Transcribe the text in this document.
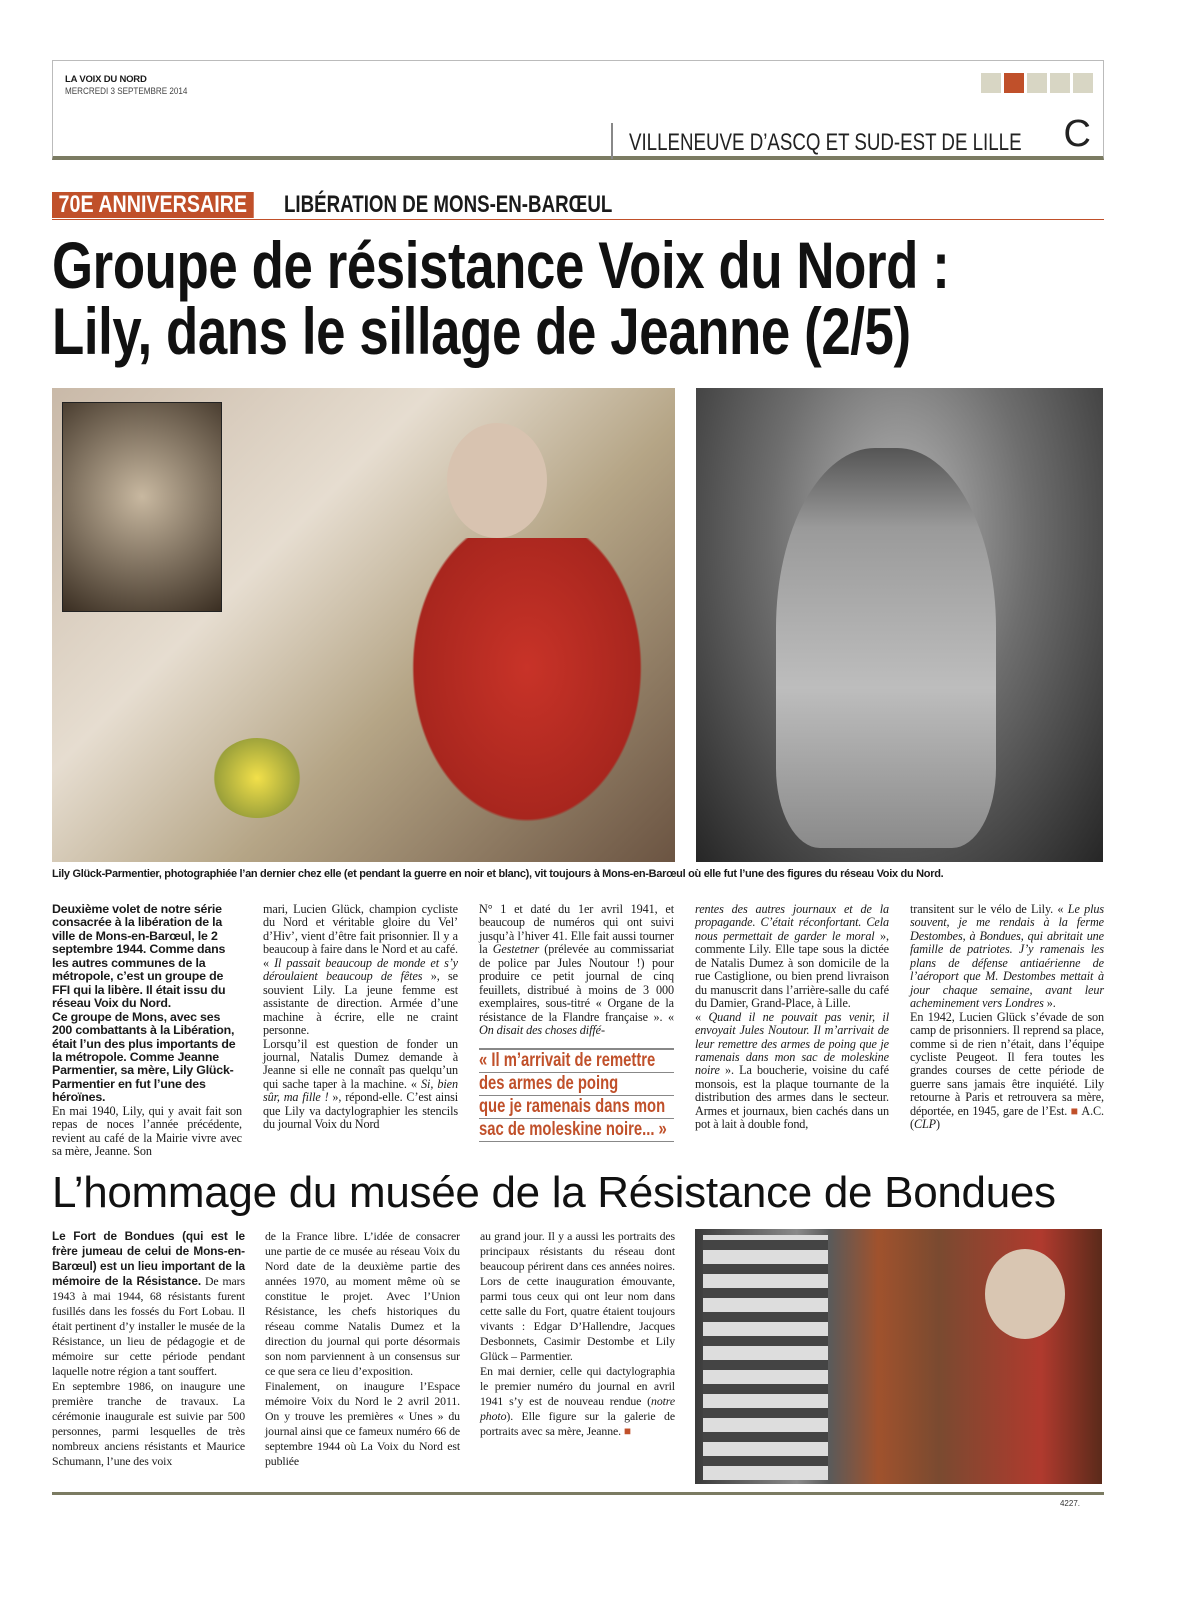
LA VOIX DU NORD
MERCREDI 3 SEPTEMBRE 2014
VILLENEUVE D’ASCQ ET SUD-EST DE LILLE C
70E ANNIVERSAIRE LIBÉRATION DE MONS-EN-BARŒUL
Groupe de résistance Voix du Nord :
Lily, dans le sillage de Jeanne (2/5)
Lily Glück-Parmentier, photographiée l’an dernier chez elle (et pendant la guerre en noir et blanc), vit toujours à Mons-en-Barœul où elle fut l’une des figures du réseau Voix du Nord.

Deuxième volet de notre série consacrée à la libération de la ville de Mons-en-Barœul, le 2 septembre 1944. Comme dans les autres communes de la métropole, c’est un groupe de FFI qui la libère. Il était issu du réseau Voix du Nord.

Ce groupe de Mons, avec ses 200 combattants à la Libération, était l’un des plus importants de la métropole. Comme Jeanne Parmentier, sa mère, Lily Glück-Parmentier en fut l’une des héroïnes.

En mai 1940, Lily, qui y avait fait son repas de noces l’année précédente, revient au café de la Mairie vivre avec sa mère, Jeanne. Son

mari, Lucien Glück, champion cycliste du Nord et véritable gloire du Vel’ d’Hiv’, vient d’être fait prisonnier. Il y a beaucoup à faire dans le Nord et au café. « Il passait beaucoup de monde et s’y déroulaient beaucoup de fêtes », se souvient Lily. La jeune femme est assistante de direction. Armée d’une machine à écrire, elle ne craint personne.

Lorsqu’il est question de fonder un journal, Natalis Dumez demande à Jeanne si elle ne connaît pas quelqu’un qui sache taper à la machine. « Si, bien sûr, ma fille ! », répond-elle. C’est ainsi que Lily va dactylographier les stencils du journal Voix du Nord

N° 1 et daté du 1er avril 1941, et beaucoup de numéros qui ont suivi jusqu’à l’hiver 41. Elle fait aussi tourner la Gestetner (prélevée au commissariat de police par Jules Noutour !) pour produire ce petit journal de cinq feuillets, distribué à moins de 3 000 exemplaires, sous-titré « Organe de la résistance de la Flandre française ». « On disait des choses diffé-

« Il m’arrivait de remettre
des armes de poing
que je ramenais dans mon
sac de moleskine noire... »

rentes des autres journaux et de la propagande. C’était réconfortant. Cela nous permettait de garder le moral », commente Lily. Elle tape sous la dictée de Natalis Dumez à son domicile de la rue Castiglione, ou bien prend livraison du manuscrit dans l’arrière-salle du café du Damier, Grand-Place, à Lille.

« Quand il ne pouvait pas venir, il envoyait Jules Noutour. Il m’arrivait de leur remettre des armes de poing que je ramenais dans mon sac de moleskine noire ». La boucherie, voisine du café monsois, est la plaque tournante de la distribution des armes dans le secteur. Armes et journaux, bien cachés dans un pot à lait à double fond,

transitent sur le vélo de Lily. « Le plus souvent, je me rendais à la ferme Destombes, à Bondues, qui abritait une famille de patriotes. J’y ramenais les plans de défense antiaérienne de l’aéroport que M. Destombes mettait à jour chaque semaine, avant leur acheminement vers Londres ».

En 1942, Lucien Glück s’évade de son camp de prisonniers. Il reprend sa place, comme si de rien n’était, dans l’équipe cycliste Peugeot. Il fera toutes les grandes courses de cette période de guerre sans jamais être inquiété. Lily retourne à Paris et retrouvera sa mère, déportée, en 1945, gare de l’Est. ■ A.C. (CLP)

L’hommage du musée de la Résistance de Bondues

Le Fort de Bondues (qui est le frère jumeau de celui de Mons-en-Barœul) est un lieu important de la mémoire de la Résistance. De mars 1943 à mai 1944, 68 résistants furent fusillés dans les fossés du Fort Lobau. Il était pertinent d’y installer le musée de la Résistance, un lieu de pédagogie et de mémoire sur cette période pendant laquelle notre région a tant souffert.

En septembre 1986, on inaugure une première tranche de travaux. La cérémonie inaugurale est suivie par 500 personnes, parmi lesquelles de très nombreux anciens résistants et Maurice Schumann, l’une des voix

de la France libre. L’idée de consacrer une partie de ce musée au réseau Voix du Nord date de la deuxième partie des années 1970, au moment même où se constitue le projet. Avec l’Union Résistance, les chefs historiques du réseau comme Natalis Dumez et la direction du journal qui porte désormais son nom parviennent à un consensus sur ce que sera ce lieu d’exposition.

Finalement, on inaugure l’Espace mémoire Voix du Nord le 2 avril 2011. On y trouve les premières « Unes » du journal ainsi que ce fameux numéro 66 de septembre 1944 où La Voix du Nord est publiée

au grand jour. Il y a aussi les portraits des principaux résistants du réseau dont beaucoup périrent dans ces années noires. Lors de cette inauguration émouvante, parmi tous ceux qui ont leur nom dans cette salle du Fort, quatre étaient toujours vivants : Edgar D’Hallendre, Jacques Desbonnets, Casimir Destombe et Lily Glück – Parmentier.

En mai dernier, celle qui dactylographia le premier numéro du journal en avril 1941 s’y est de nouveau rendue (notre photo). Elle figure sur la galerie de portraits avec sa mère, Jeanne. ■

4227.
